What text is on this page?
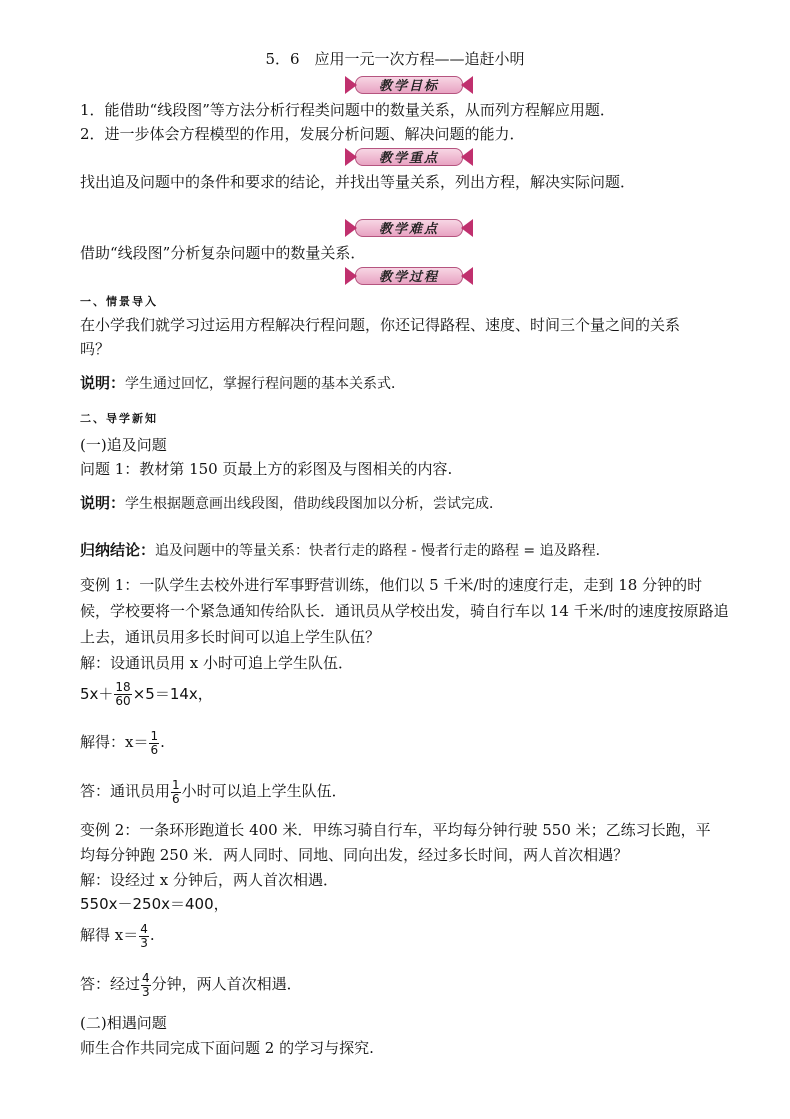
5．6　应用一元一次方程——追赶小明
教学目标
1．能借助“线段图”等方法分析行程类问题中的数量关系，从而列方程解应用题．
2．进一步体会方程模型的作用，发展分析问题、解决问题的能力．
教学重点
找出追及问题中的条件和要求的结论，并找出等量关系，列出方程，解决实际问题．
教学难点
借助“线段图”分析复杂问题中的数量关系．
教学过程
一、情景导入
在小学我们就学习过运用方程解决行程问题，你还记得路程、速度、时间三个量之间的关系
吗？
说明：学生通过回忆，掌握行程问题的基本关系式．
二、导学新知
(一)追及问题
问题 1：教材第 150 页最上方的彩图及与图相关的内容.
说明：学生根据题意画出线段图，借助线段图加以分析，尝试完成．
归纳结论：追及问题中的等量关系：快者行走的路程 - 慢者行走的路程 = 追及路程．
变例 1：一队学生去校外进行军事野营训练，他们以 5 千米/时的速度行走，走到 18 分钟的时
候，学校要将一个紧急通知传给队长．通讯员从学校出发，骑自行车以 14 千米/时的速度按原路追
上去，通讯员用多长时间可以追上学生队伍？
解：设通讯员用 x 小时可追上学生队伍．
$5x+ \frac{18}{60} \times 5=14x$，
解得：$x= \frac{1}{6}$ .
答：通讯员用 $\frac{1}{6}$ 小时可以追上学生队伍．
变例 2：一条环形跑道长 400 米．甲练习骑自行车，平均每分钟行驶 550 米；乙练习长跑，平
均每分钟跑 250 米．两人同时、同地、同向出发，经过多长时间，两人首次相遇？
解：设经过 x 分钟后，两人首次相遇．
550x－250x＝400，
解得 $x= \frac{4}{3}$ .
答：经过 $\frac{4}{3}$ 分钟，两人首次相遇．
(二)相遇问题
师生合作共同完成下面问题 2 的学习与探究.
